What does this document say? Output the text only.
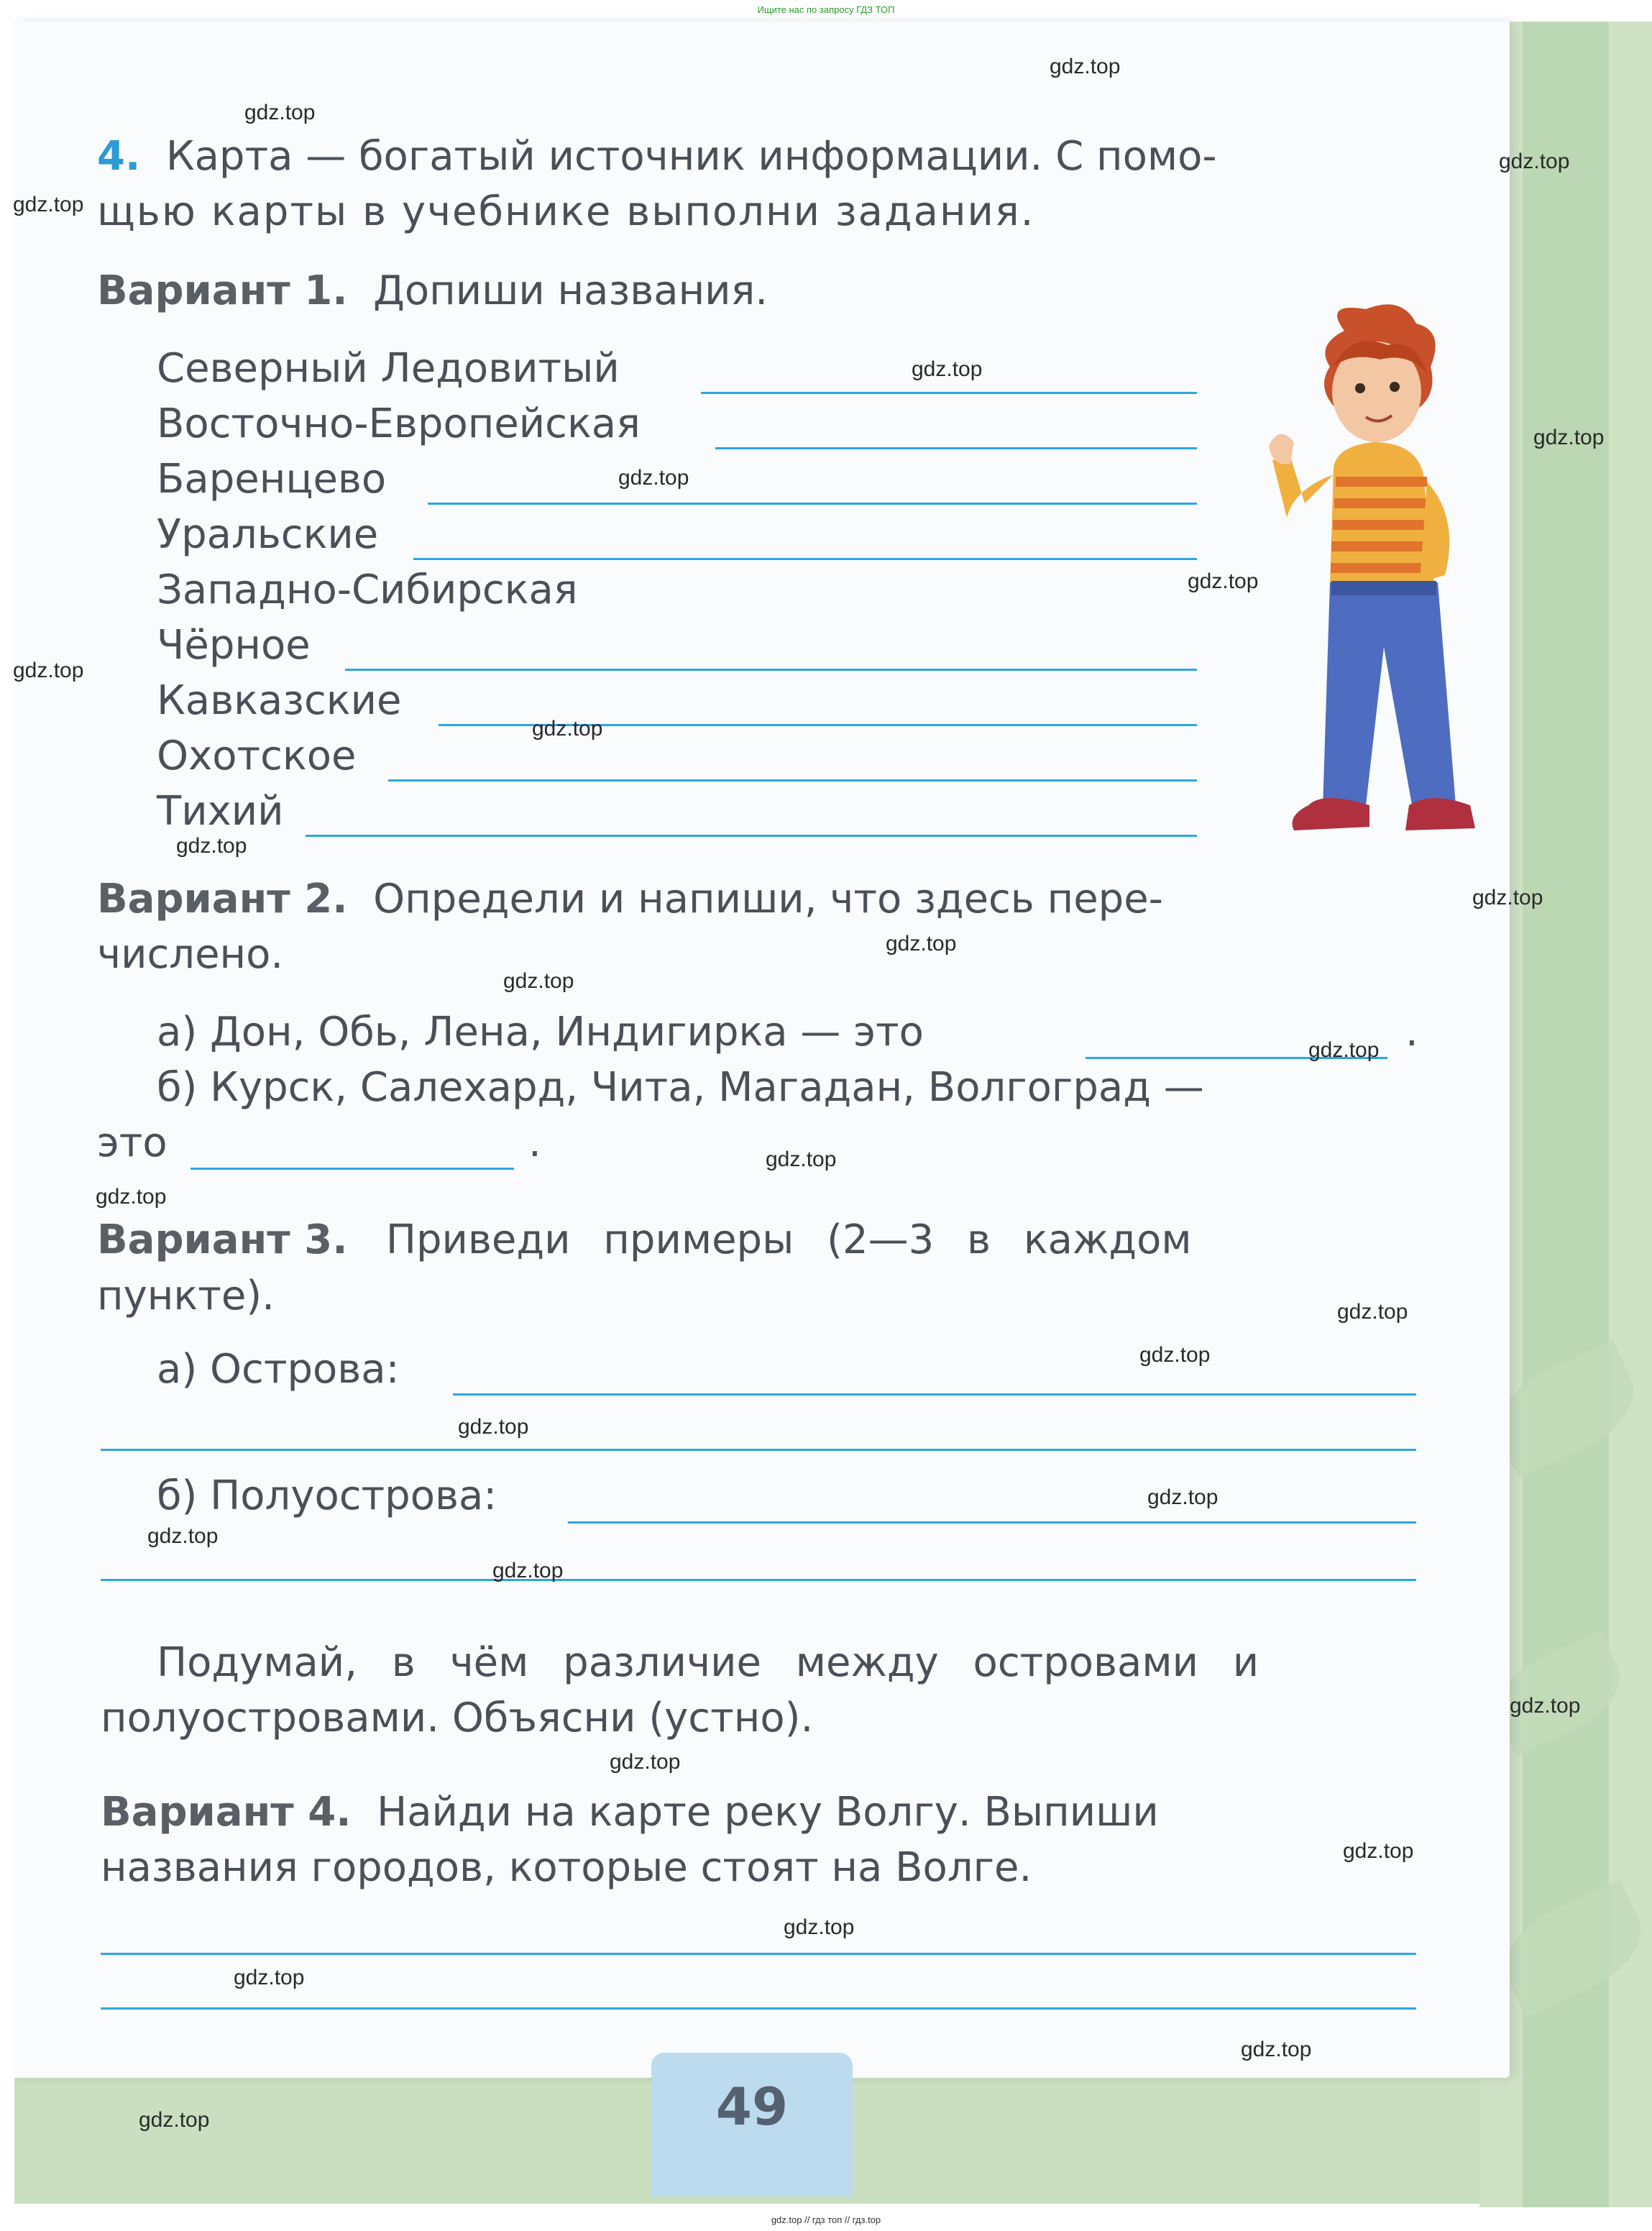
49
Ищите нас по запросу ГДЗ ТОП
gdz.top // гдз топ // гдз.top
4. Карта — богатый источник информации. С помо-
щью карты в учебнике выполни задания.
Вариант 1. Допиши названия.
Северный Ледовитый
Восточно-Европейская
Баренцево
Уральские
Западно-Сибирская
Чёрное
Кавказские
Охотское
Тихий
Вариант 2. Определи и напиши, что здесь пере-
числено.
а) Дон, Обь, Лена, Индигирка — это	.
б) Курск, Салехард, Чита, Магадан, Волгоград —
это	.
Вариант 3. Приведи примеры (2—3 в каждом
пункте).
а) Острова:
б) Полуострова:
Подумай, в чём различие между островами и
полуостровами. Объясни (устно).
Вариант 4. Найди на карте реку Волгу. Выпиши
названия городов, которые стоят на Волге.
gdz.top
gdz.top
gdz.top
gdz.top
gdz.top
gdz.top
gdz.top
gdz.top
gdz.top
gdz.top
gdz.top
gdz.top
gdz.top
gdz.top
gdz.top
gdz.top
gdz.top
gdz.top
gdz.top
gdz.top
gdz.top
gdz.top
gdz.top
gdz.top
gdz.top
gdz.top
gdz.top
gdz.top
gdz.top
gdz.top
